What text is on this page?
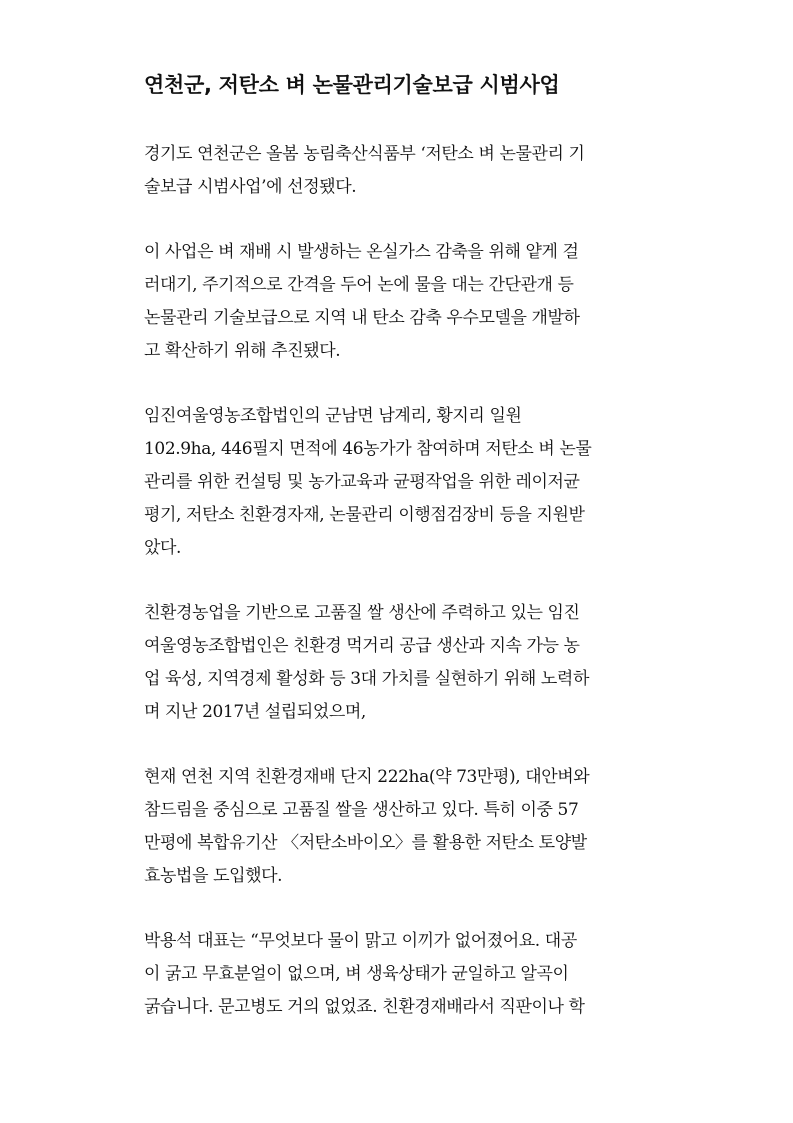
연천군, 저탄소 벼 논물관리기술보급 시범사업
경기도 연천군은 올봄 농림축산식품부 ‘저탄소 벼 논물관리 기
술보급 시범사업’에 선정됐다.
이 사업은 벼 재배 시 발생하는 온실가스 감축을 위해 얕게 걸
러대기, 주기적으로 간격을 두어 논에 물을 대는 간단관개 등
논물관리 기술보급으로 지역 내 탄소 감축 우수모델을 개발하
고 확산하기 위해 추진됐다.
임진여울영농조합법인의 군남면 남계리, 황지리 일원
102.9ha, 446필지 면적에 46농가가 참여하며 저탄소 벼 논물
관리를 위한 컨설팅 및 농가교육과 균평작업을 위한 레이저균
평기, 저탄소 친환경자재, 논물관리 이행점검장비 등을 지원받
았다.
친환경농업을 기반으로 고품질 쌀 생산에 주력하고 있는 임진
여울영농조합법인은 친환경 먹거리 공급 생산과 지속 가능 농
업 육성, 지역경제 활성화 등 3대 가치를 실현하기 위해 노력하
며 지난 2017년 설립되었으며,
현재 연천 지역 친환경재배 단지 222ha(약 73만평), 대안벼와
참드림을 중심으로 고품질 쌀을 생산하고 있다. 특히 이중 57
만평에 복합유기산 〈저탄소바이오〉를 활용한 저탄소 토양발
효농법을 도입했다.
박용석 대표는 “무엇보다 물이 맑고 이끼가 없어졌어요. 대공
이 굵고 무효분얼이 없으며, 벼 생육상태가 균일하고 알곡이
굵습니다. 문고병도 거의 없었죠. 친환경재배라서 직판이나 학
